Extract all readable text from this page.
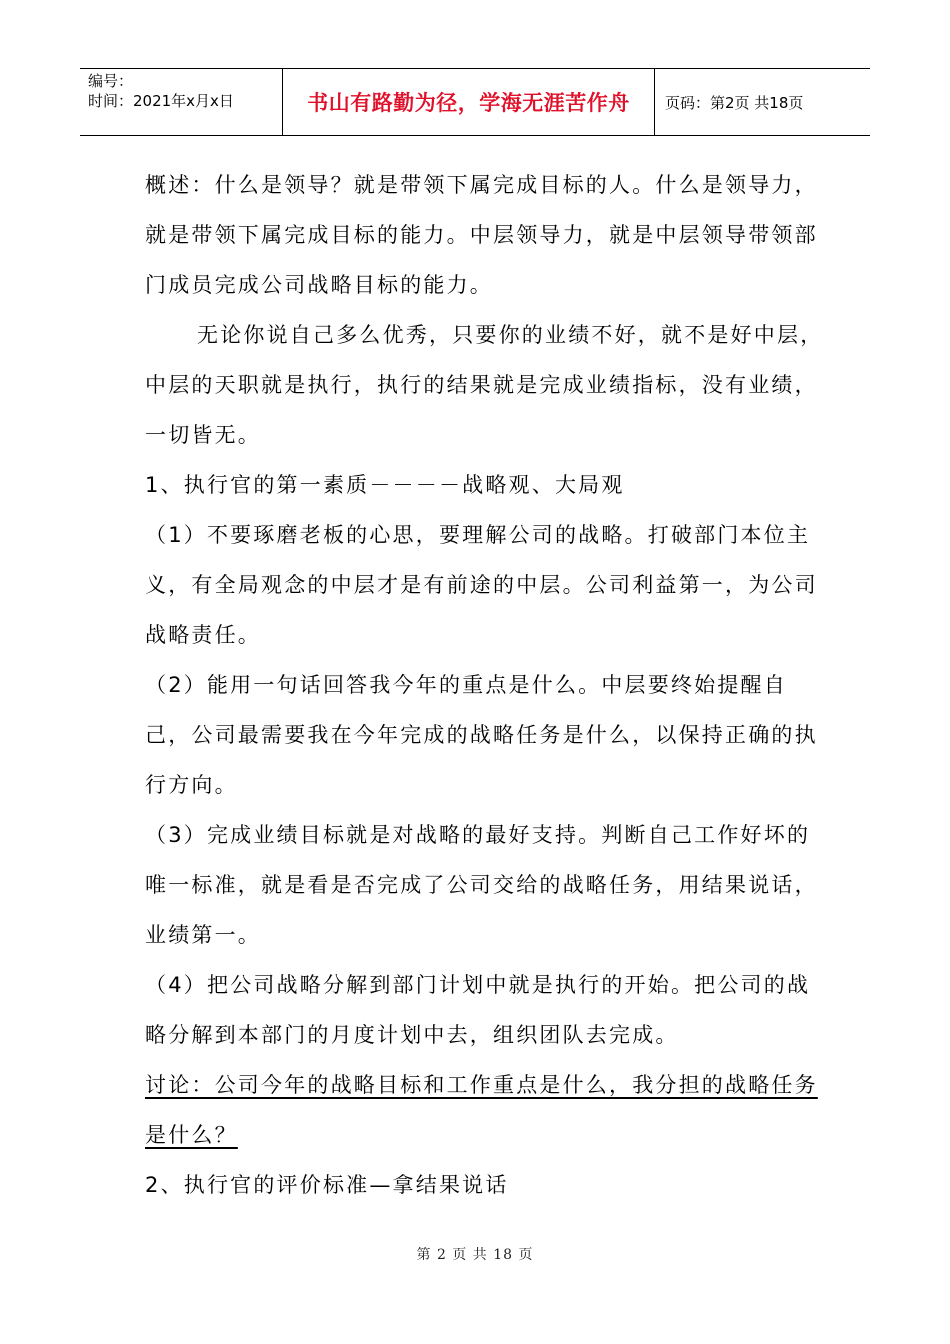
编号：
时间：2021年x月x日	书山有路勤为径，学海无涯苦作舟	页码：第2页 共18页

概述：什么是领导？就是带领下属完成目标的人。什么是领导力，就是带领下属完成目标的能力。中层领导力，就是中层领导带领部门成员完成公司战略目标的能力。

无论你说自己多么优秀，只要你的业绩不好，就不是好中层，中层的天职就是执行，执行的结果就是完成业绩指标，没有业绩，一切皆无。

1、执行官的第一素质－－－－战略观、大局观

（1）不要琢磨老板的心思，要理解公司的战略。打破部门本位主义，有全局观念的中层才是有前途的中层。公司利益第一，为公司战略责任。

（2）能用一句话回答我今年的重点是什么。中层要终始提醒自己，公司最需要我在今年完成的战略任务是什么，以保持正确的执行方向。

（3）完成业绩目标就是对战略的最好支持。判断自己工作好坏的唯一标准，就是看是否完成了公司交给的战略任务，用结果说话，业绩第一。

（4）把公司战略分解到部门计划中就是执行的开始。把公司的战略分解到本部门的月度计划中去，组织团队去完成。

讨论：公司今年的战略目标和工作重点是什么，我分担的战略任务是什么？

2、执行官的评价标准—拿结果说话

第 2 页 共 18 页
